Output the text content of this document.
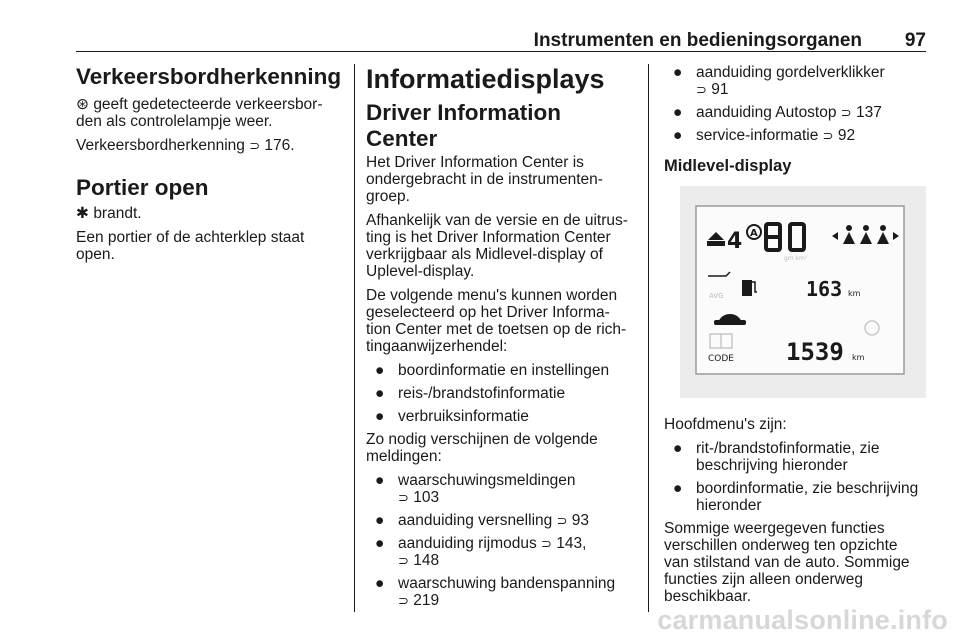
Instrumenten en bedieningsorganen 97
Verkeersbordherkenning

⊛ geeft gedetecteerde verkeersbor-den als controlelampje weer.

Verkeersbordherkenning ⊃ 176.

Portier open

✱ brandt.

Een portier of de achterklep staat open.

Informatiedisplays
Driver Information Center

Het Driver Information Center is ondergebracht in de instrumenten-groep.

Afhankelijk van de versie en de uitrus-ting is het Driver Information Center verkrijgbaar als Midlevel-display of Uplevel-display.

De volgende menu's kunnen worden geselecteerd op het Driver Informa-tion Center met de toetsen op de rich-tingaanwijzerhendel:

● boordinformatie en instellingen
● reis-/brandstofinformatie
● verbruiksinformatie

Zo nodig verschijnen de volgende meldingen:

● waarschuwingsmeldingen
⊃ 103
● aanduiding versnelling ⊃ 93
● aanduiding rijmodus ⊃ 143,
⊃ 148
● waarschuwing bandenspanning
⊃ 219
● aanduiding gordelverklikker
⊃ 91
● aanduiding Autostop ⊃ 137
● service-informatie ⊃ 92
Midlevel-display
4 A
gm km²
AVG	163 km
CODE 1539 km

Hoofdmenu's zijn:

● rit-/brandstofinformatie, zie beschrijving hieronder
● boordinformatie, zie beschrijving hieronder

Sommige weergegeven functies verschillen onderweg ten opzichte van stilstand van de auto. Sommige functies zijn alleen onderweg beschikbaar.

carmanualsonline.info
